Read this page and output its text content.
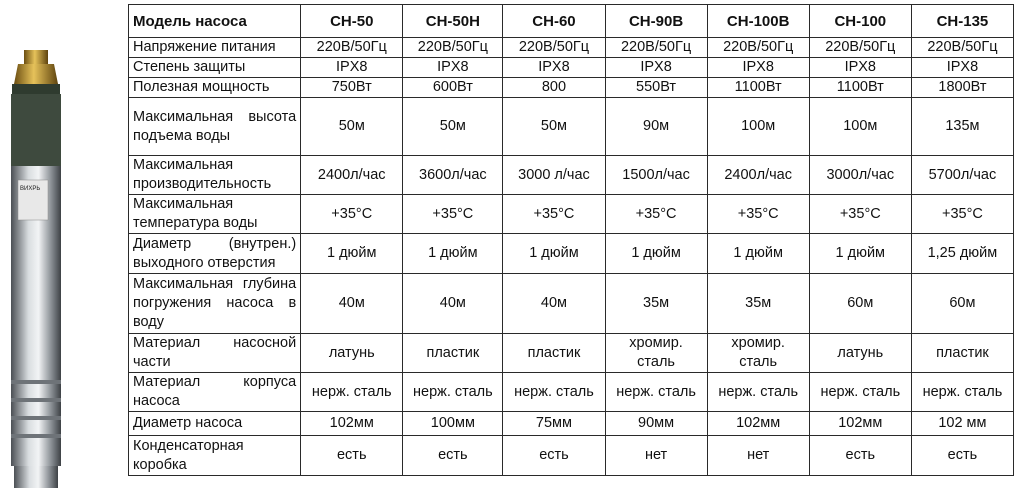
ВИХРЬ
Модель насоса	СН-50	СН-50Н	СН-60	СН-90В	СН-100В	СН-100	СН-135
Напряжение питания	220В/50Гц	220В/50Гц	220В/50Гц	220В/50Гц	220В/50Гц	220В/50Гц	220В/50Гц
Степень защиты	IPX8	IPX8	IPX8	IPX8	IPX8	IPX8	IPX8
Полезная мощность	750Вт	600Вт	800	550Вт	1100Вт	1100Вт	1800Вт
Максимальная высота подъема воды	50м	50м	50м	90м	100м	100м	135м
Максимальная производительность	2400л/час	3600л/час	3000 л/час	1500л/час	2400л/час	3000л/час	5700л/час
Максимальная температура воды	+35°С	+35°С	+35°С	+35°С	+35°С	+35°С	+35°С
Диаметр (внутрен.) выходного отверстия	1 дюйм	1 дюйм	1 дюйм	1 дюйм	1 дюйм	1 дюйм	1,25 дюйм
Максимальная глубина погружения насоса в воду	40м	40м	40м	35м	35м	60м	60м
Материал насосной части	латунь	пластик	пластик	хромир. сталь	хромир. сталь	латунь	пластик
Материал корпуса насоса	нерж. сталь	нерж. сталь	нерж. сталь	нерж. сталь	нерж. сталь	нерж. сталь	нерж. сталь
Диаметр насоса	102мм	100мм	75мм	90мм	102мм	102мм	102 мм
Конденсаторная коробка	есть	есть	есть	нет	нет	есть	есть
